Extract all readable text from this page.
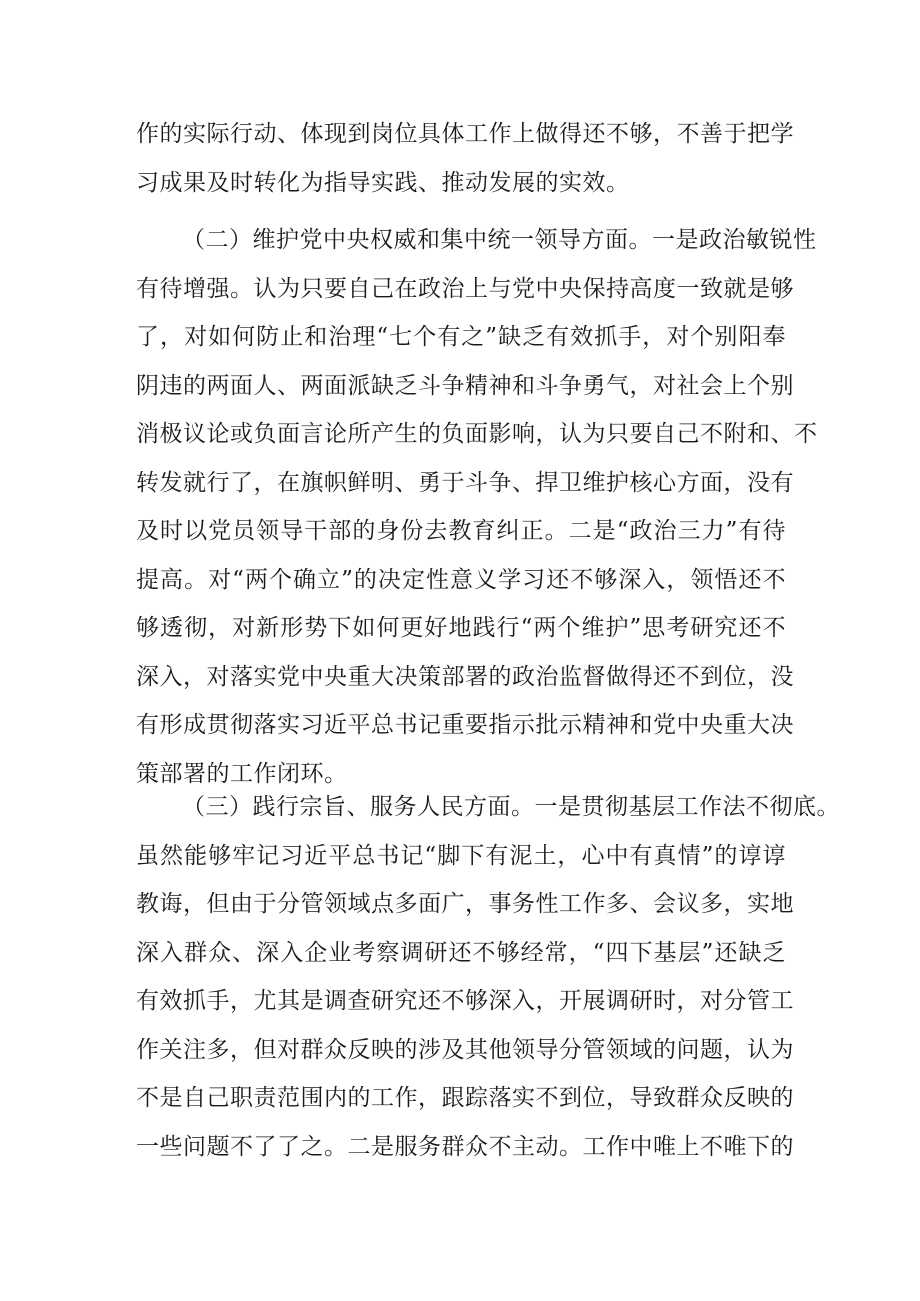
作的实际行动、体现到岗位具体工作上做得还不够，不善于把学
习成果及时转化为指导实践、推动发展的实效。
（二）维护党中央权威和集中统一领导方面。一是政治敏锐性
有待增强。认为只要自己在政治上与党中央保持高度一致就是够
了，对如何防止和治理“七个有之”缺乏有效抓手，对个别阳奉
阴违的两面人、两面派缺乏斗争精神和斗争勇气，对社会上个别
消极议论或负面言论所产生的负面影响，认为只要自己不附和、不
转发就行了，在旗帜鲜明、勇于斗争、捍卫维护核心方面，没有
及时以党员领导干部的身份去教育纠正。二是“政治三力”有待
提高。对“两个确立”的决定性意义学习还不够深入，领悟还不
够透彻，对新形势下如何更好地践行“两个维护”思考研究还不
深入，对落实党中央重大决策部署的政治监督做得还不到位，没
有形成贯彻落实习近平总书记重要指示批示精神和党中央重大决
策部署的工作闭环。
（三）践行宗旨、服务人民方面。一是贯彻基层工作法不彻底。
虽然能够牢记习近平总书记“脚下有泥土，心中有真情”的谆谆
教诲，但由于分管领域点多面广，事务性工作多、会议多，实地
深入群众、深入企业考察调研还不够经常，“四下基层”还缺乏
有效抓手，尤其是调查研究还不够深入，开展调研时，对分管工
作关注多，但对群众反映的涉及其他领导分管领域的问题，认为
不是自己职责范围内的工作，跟踪落实不到位，导致群众反映的
一些问题不了了之。二是服务群众不主动。工作中唯上不唯下的
